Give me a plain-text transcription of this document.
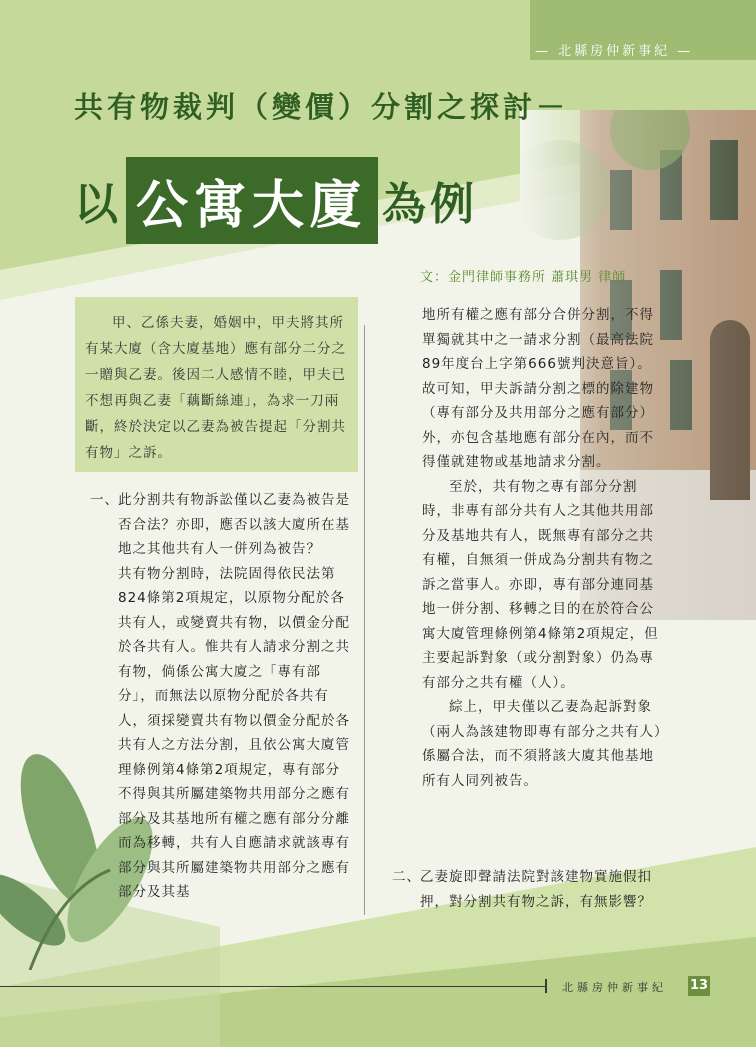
— 北縣房仲新事紀 —
共有物裁判（變價）分割之探討－
以 公寓大廈 為例
文：金門律師事務所 蕭琪男 律師
甲、乙係夫妻，婚姻中，甲夫將其所有某大廈（含大廈基地）應有部分二分之一贈與乙妻。後因二人感情不睦，甲夫已不想再與乙妻「藕斷絲連」，為求一刀兩斷，終於決定以乙妻為被告提起「分割共有物」之訴。
一、 此分割共有物訴訟僅以乙妻為被告是否合法？亦即，應否以該大廈所在基地之其他共有人一併列為被告？

共有物分割時，法院固得依民法第824條第2項規定，以原物分配於各共有人，或變賣共有物，以價金分配於各共有人。惟共有人請求分割之共有物，倘係公寓大廈之「專有部分」，而無法以原物分配於各共有人，須採變賣共有物以價金分配於各共有人之方法分割，且依公寓大廈管理條例第4條第2項規定，專有部分不得與其所屬建築物共用部分之應有部分及其基地所有權之應有部分分離而為移轉，共有人自應請求就該專有部分與其所屬建築物共用部分之應有部分及其基

地所有權之應有部分合併分割，不得單獨就其中之一請求分割（最高法院89年度台上字第666號判決意旨）。故可知，甲夫訴請分割之標的除建物（專有部分及共用部分之應有部分）外，亦包含基地應有部分在內，而不得僅就建物或基地請求分割。

至於，共有物之專有部分分割時，非專有部分共有人之其他共用部分及基地共有人，既無專有部分之共有權，自無須一併成為分割共有物之訴之當事人。亦即，專有部分連同基地一併分割、移轉之目的在於符合公寓大廈管理條例第4條第2項規定，但主要起訴對象（或分割對象）仍為專有部分之共有權（人）。

綜上，甲夫僅以乙妻為起訴對象（兩人為該建物即專有部分之共有人）係屬合法，而不須將該大廈其他基地所有人同列被告。

二、 乙妻旋即聲請法院對該建物實施假扣押，對分割共有物之訴，有無影響？
北縣房仲新事紀 13
